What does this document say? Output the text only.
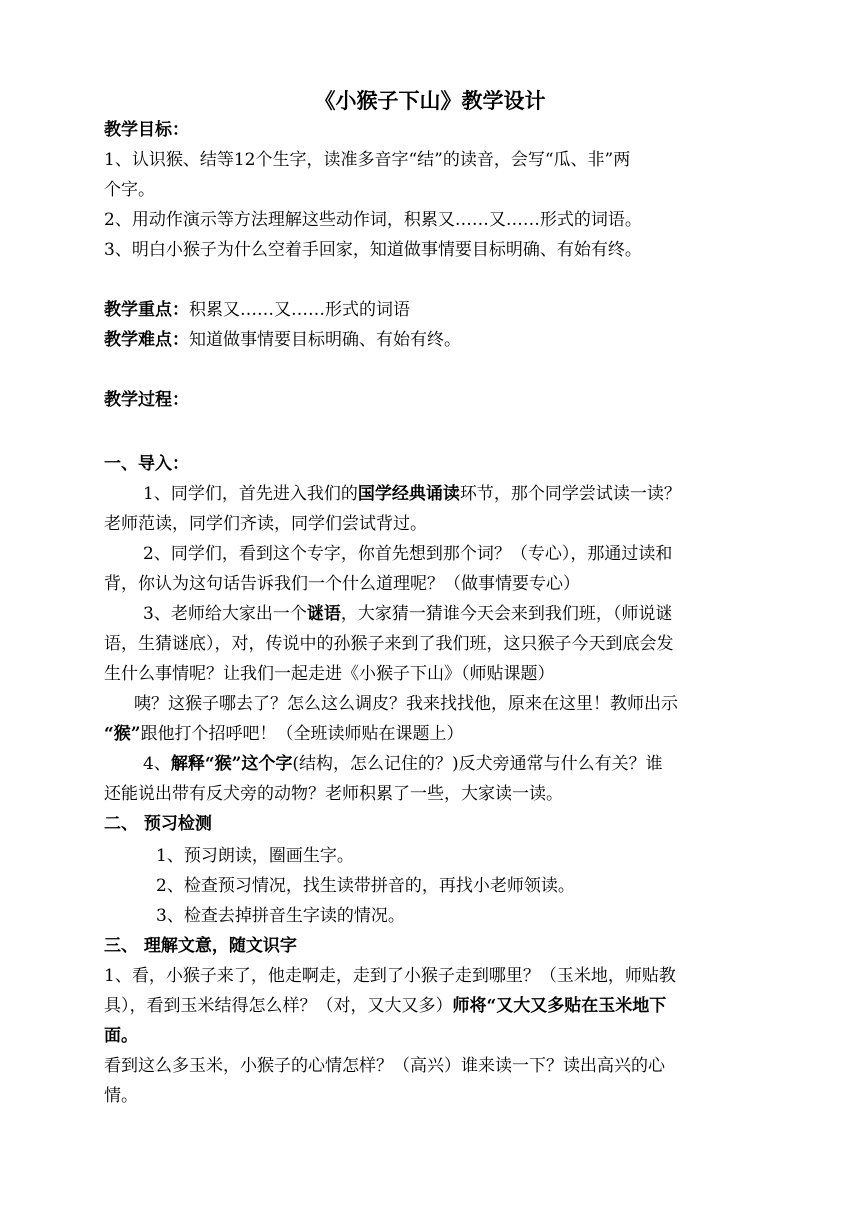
《小猴子下山》教学设计
教学目标：
1、认识猴、结等12个生字，读准多音字“结”的读音，会写“瓜、非”两
个字。
2、用动作演示等方法理解这些动作词，积累又……又……形式的词语。
3、明白小猴子为什么空着手回家，知道做事情要目标明确、有始有终。
教学重点：积累又……又……形式的词语
教学难点：知道做事情要目标明确、有始有终。
教学过程：
一、导入：
1、同学们，首先进入我们的国学经典诵读环节，那个同学尝试读一读？
老师范读，同学们齐读，同学们尝试背过。
2、同学们，看到这个专字，你首先想到那个词？（专心），那通过读和
背，你认为这句话告诉我们一个什么道理呢？（做事情要专心）
3、老师给大家出一个谜语，大家猜一猜谁今天会来到我们班，（师说谜
语，生猜谜底），对，传说中的孙猴子来到了我们班，这只猴子今天到底会发
生什么事情呢？让我们一起走进《小猴子下山》（师贴课题）
咦？这猴子哪去了？怎么这么调皮？我来找找他，原来在这里！教师出示
“猴”跟他打个招呼吧！（全班读师贴在课题上）
4、解释“猴”这个字(结构，怎么记住的？)反犬旁通常与什么有关？谁
还能说出带有反犬旁的动物？老师积累了一些，大家读一读。
二、 预习检测
1、预习朗读，圈画生字。
2、检查预习情况，找生读带拼音的，再找小老师领读。
3、检查去掉拼音生字读的情况。
三、 理解文意，随文识字
1、看，小猴子来了，他走啊走，走到了小猴子走到哪里？（玉米地，师贴教
具），看到玉米结得怎么样？（对，又大又多）师将“又大又多贴在玉米地下
面。
看到这么多玉米，小猴子的心情怎样？（高兴）谁来读一下？读出高兴的心
情。
